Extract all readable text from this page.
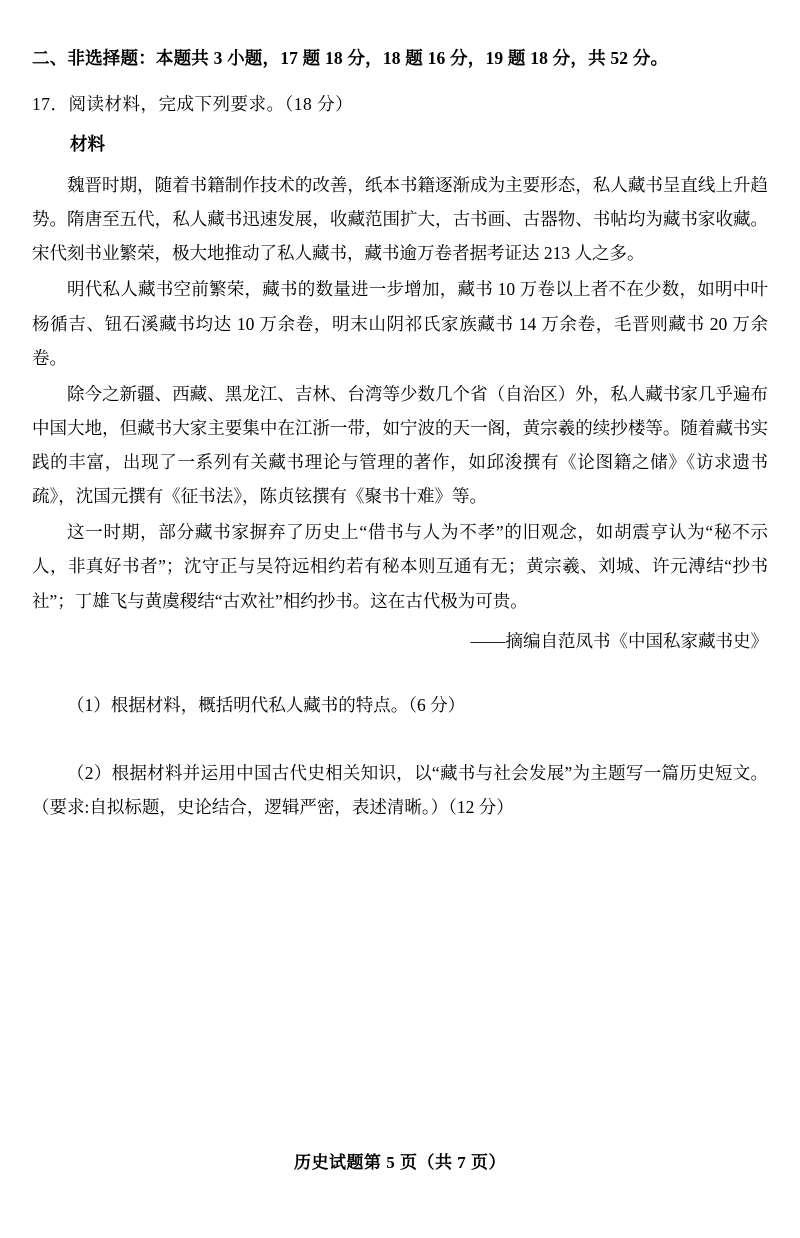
二、非选择题：本题共 3 小题，17 题 18 分，18 题 16 分，19 题 18 分，共 52 分。
17．阅读材料，完成下列要求。（18 分）
材料

魏晋时期，随着书籍制作技术的改善，纸本书籍逐渐成为主要形态，私人藏书呈直线上升趋势。隋唐至五代，私人藏书迅速发展，收藏范围扩大，古书画、古器物、书帖均为藏书家收藏。宋代刻书业繁荣，极大地推动了私人藏书，藏书逾万卷者据考证达 213 人之多。

明代私人藏书空前繁荣，藏书的数量进一步增加，藏书 10 万卷以上者不在少数，如明中叶杨循吉、钮石溪藏书均达 10 万余卷，明末山阴祁氏家族藏书 14 万余卷，毛晋则藏书 20 万余卷。

除今之新疆、西藏、黑龙江、吉林、台湾等少数几个省（自治区）外，私人藏书家几乎遍布中国大地，但藏书大家主要集中在江浙一带，如宁波的天一阁，黄宗羲的续抄楼等。随着藏书实践的丰富，出现了一系列有关藏书理论与管理的著作，如邱浚撰有《论图籍之储》《访求遗书疏》，沈国元撰有《征书法》，陈贞铉撰有《聚书十难》等。

这一时期，部分藏书家摒弃了历史上“借书与人为不孝”的旧观念，如胡震亨认为“秘不示人，非真好书者”；沈守正与吴符远相约若有秘本则互通有无；黄宗羲、刘城、许元溥结“抄书社”；丁雄飞与黄虞稷结“古欢社”相约抄书。这在古代极为可贵。

——摘编自范凤书《中国私家藏书史》

（1）根据材料，概括明代私人藏书的特点。（6 分）

（2）根据材料并运用中国古代史相关知识，以“藏书与社会发展”为主题写一篇历史短文。（要求:自拟标题，史论结合，逻辑严密，表述清晰。）（12 分）

历史试题第 5 页（共 7 页）
